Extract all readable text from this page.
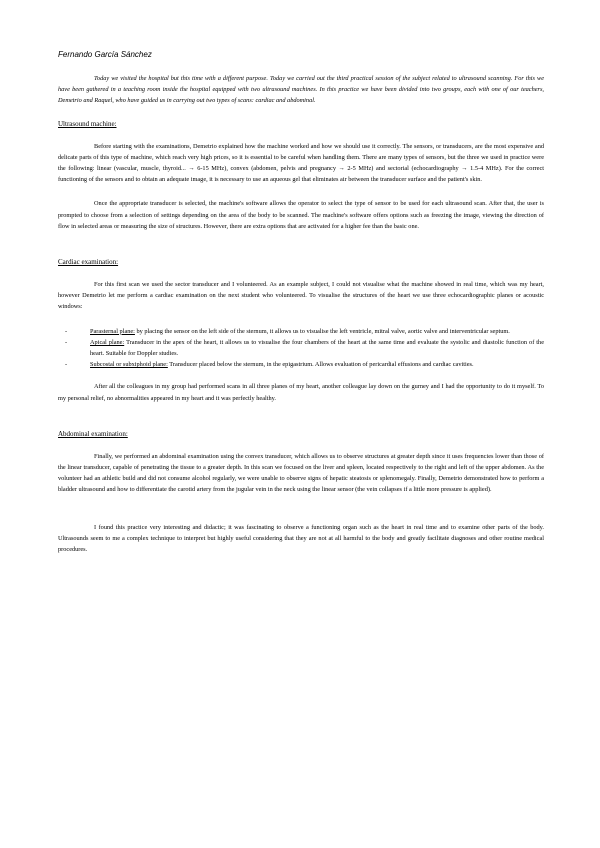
Fernando García Sánchez

Today we visited the hospital but this time with a different purpose. Today we carried out the third practical session of the subject related to ultrasound scanning. For this we have been gathered in a teaching room inside the hospital equipped with two ultrasound machines. In this practice we have been divided into two groups, each with one of our teachers, Demetrio and Raquel, who have guided us in carrying out two types of scans: cardiac and abdominal.

Ultrasound machine:

Before starting with the examinations, Demetrio explained how the machine worked and how we should use it correctly. The sensors, or transducers, are the most expensive and delicate parts of this type of machine, which reach very high prices, so it is essential to be careful when handling them. There are many types of sensors, but the three we used in practice were the following: linear (vascular, muscle, thyroid... → 6-15 MHz), convex (abdomen, pelvis and pregnancy → 2-5 MHz) and sectorial (echocardiography → 1.5-4 MHz). For the correct functioning of the sensors and to obtain an adequate image, it is necessary to use an aqueous gel that eliminates air between the transducer surface and the patient's skin.

Once the appropriate transducer is selected, the machine's software allows the operator to select the type of sensor to be used for each ultrasound scan. After that, the user is prompted to choose from a selection of settings depending on the area of the body to be scanned. The machine's software offers options such as freezing the image, viewing the direction of flow in selected areas or measuring the size of structures. However, there are extra options that are activated for a higher fee than the basic one.

Cardiac examination:

For this first scan we used the sector transducer and I volunteered. As an example subject, I could not visualise what the machine showed in real time, which was my heart, however Demetrio let me perform a cardiac examination on the next student who volunteered. To visualise the structures of the heart we use three echocardiographic planes or acoustic windows:

- Parasternal plane: by placing the sensor on the left side of the sternum, it allows us to visualise the left ventricle, mitral valve, aortic valve and interventricular septum.
- Apical plane: Transducer in the apex of the heart, it allows us to visualise the four chambers of the heart at the same time and evaluate the systolic and diastolic function of the heart. Suitable for Doppler studies.
- Subcostal or subxiphoid plane: Transducer placed below the sternum, in the epigastrium. Allows evaluation of pericardial effusions and cardiac cavities.

After all the colleagues in my group had performed scans in all three planes of my heart, another colleague lay down on the gurney and I had the opportunity to do it myself. To my personal relief, no abnormalities appeared in my heart and it was perfectly healthy.

Abdominal examination:

Finally, we performed an abdominal examination using the convex transducer, which allows us to observe structures at greater depth since it uses frequencies lower than those of the linear transducer, capable of penetrating the tissue to a greater depth. In this scan we focused on the liver and spleen, located respectively to the right and left of the upper abdomen. As the volunteer had an athletic build and did not consume alcohol regularly, we were unable to observe signs of hepatic steatosis or splenomegaly. Finally, Demetrio demonstrated how to perform a bladder ultrasound and how to differentiate the carotid artery from the jugular vein in the neck using the linear sensor (the vein collapses if a little more pressure is applied).

I found this practice very interesting and didactic; it was fascinating to observe a functioning organ such as the heart in real time and to examine other parts of the body. Ultrasounds seem to me a complex technique to interpret but highly useful considering that they are not at all harmful to the body and greatly facilitate diagnoses and other routine medical procedures.
